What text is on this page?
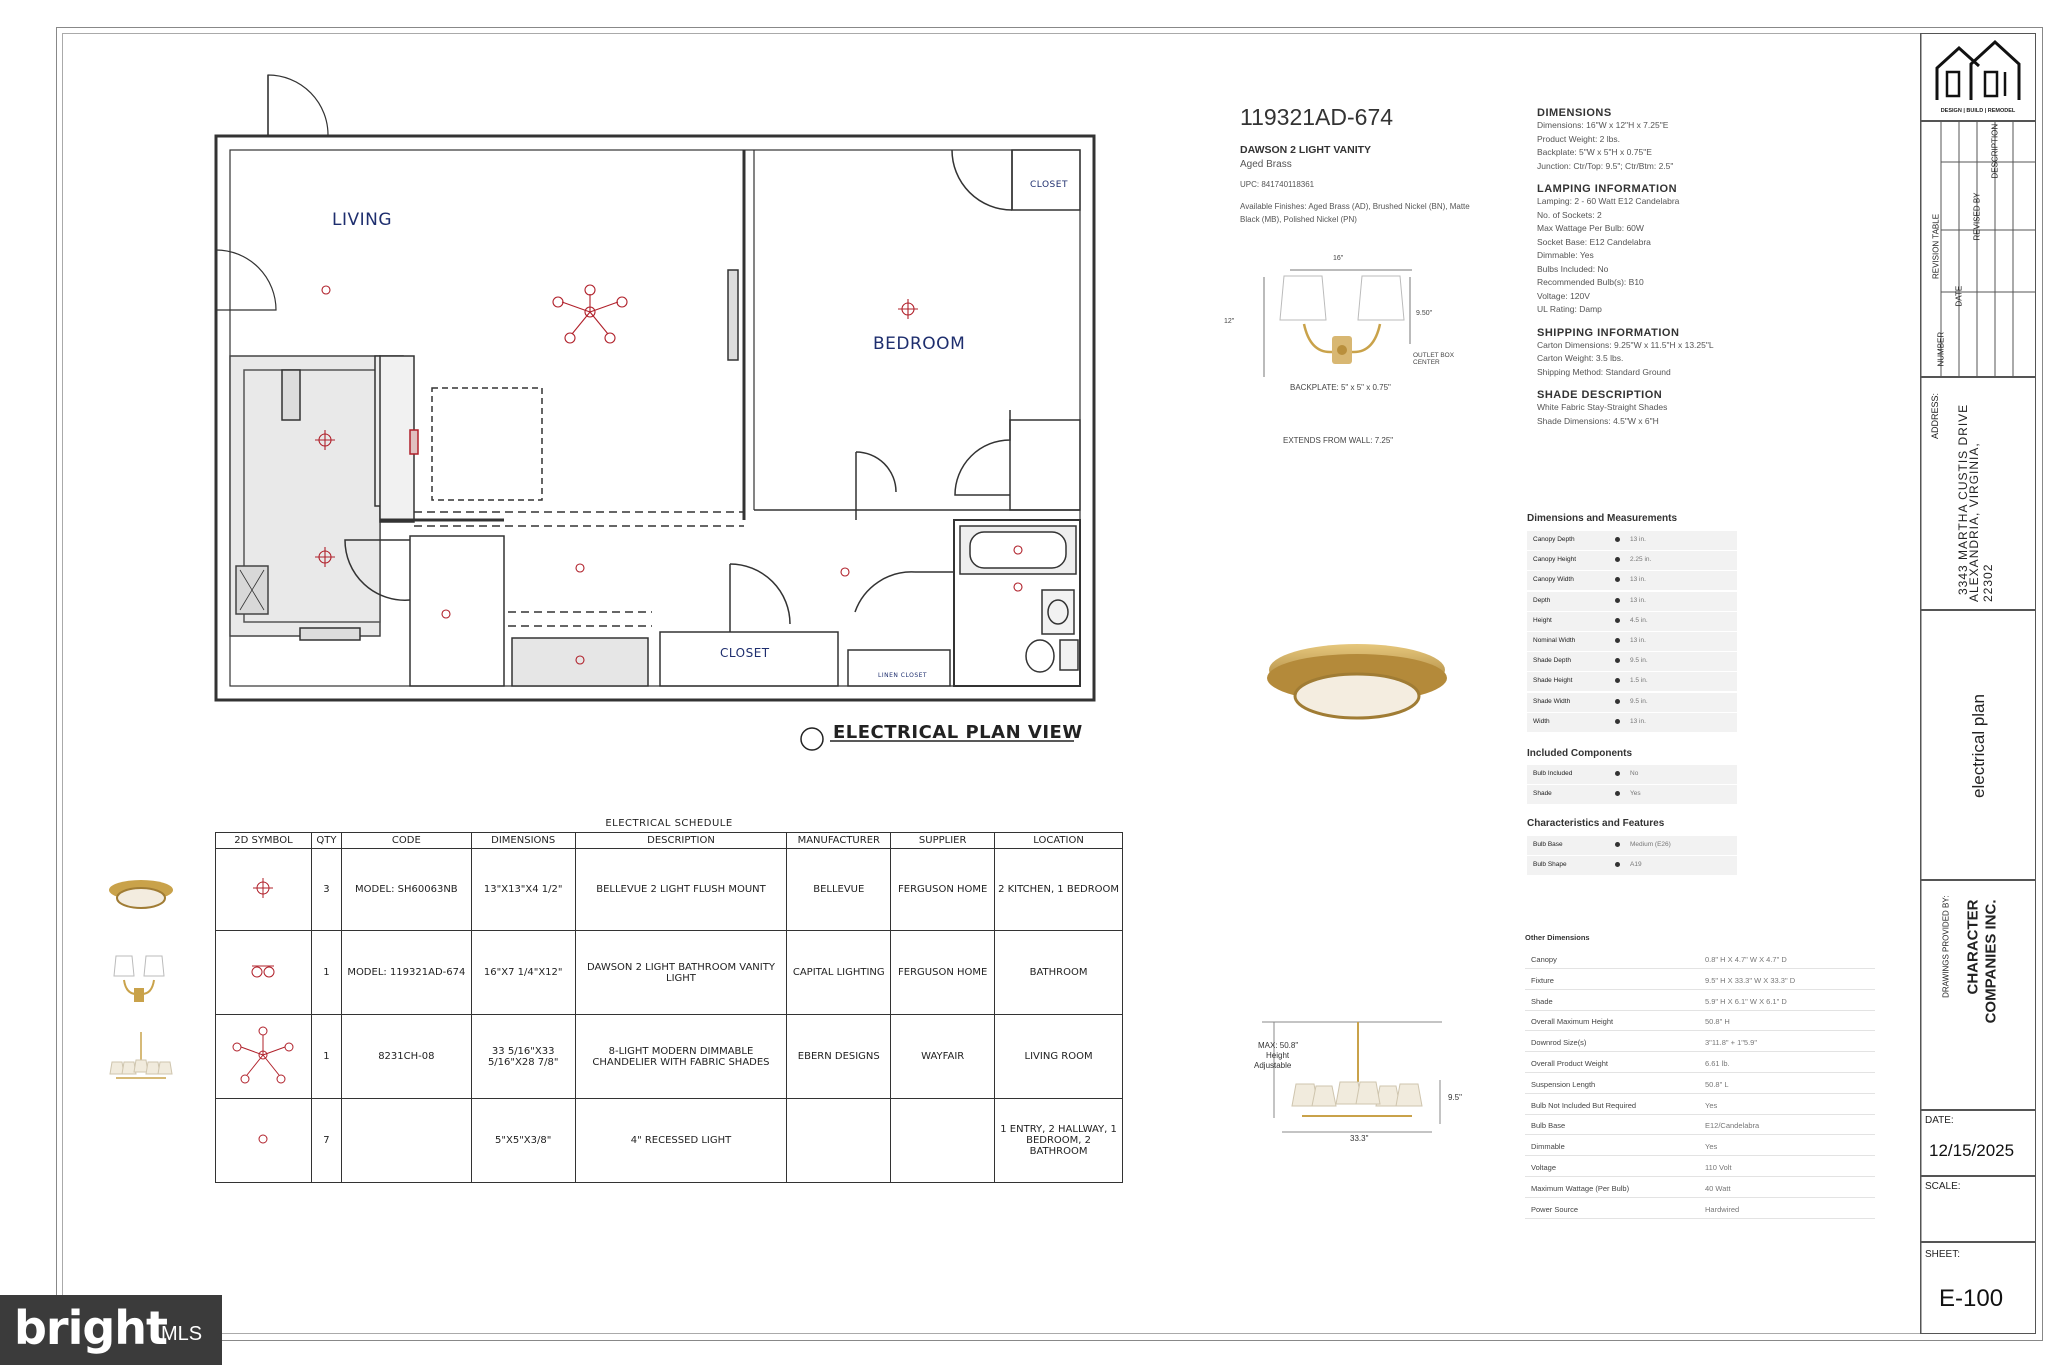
LIVING
BEDROOM
CLOSET
CLOSET
LINEN CLOSET
ELECTRICAL PLAN VIEW
119321AD-674
DAWSON 2 LIGHT VANITY
Aged Brass
UPC: 841740118361
Available Finishes: Aged Brass (AD), Brushed Nickel (BN), Matte Black (MB), Polished Nickel (PN)
16"
12"
9.50"
OUTLET BOX CENTER
BACKPLATE: 5" x 5" x 0.75"
EXTENDS FROM WALL: 7.25"
DIMENSIONS
Dimensions: 16"W x 12"H x 7.25"E
Product Weight: 2 lbs.
Backplate: 5"W x 5"H x 0.75"E
Junction: Ctr/Top: 9.5"; Ctr/Btm: 2.5"
LAMPING INFORMATION
Lamping: 2 - 60 Watt E12 Candelabra
No. of Sockets: 2
Max Wattage Per Bulb: 60W
Socket Base: E12 Candelabra
Dimmable: Yes
Bulbs Included: No
Recommended Bulb(s): B10
Voltage: 120V
UL Rating: Damp
SHIPPING INFORMATION
Carton Dimensions: 9.25"W x 11.5"H x 13.25"L
Carton Weight: 3.5 lbs.
Shipping Method: Standard Ground
SHADE DESCRIPTION
White Fabric Stay-Straight Shades
Shade Dimensions: 4.5"W x 6"H
Dimensions and Measurements
Canopy Depth	13 in.
Canopy Height	2.25 in.
Canopy Width	13 in.
Depth	13 in.
Height	4.5 in.
Nominal Width	13 in.
Shade Depth	9.5 in.
Shade Height	1.5 in.
Shade Width	9.5 in.
Width	13 in.
Included Components
Bulb Included	No
Shade	Yes
Characteristics and Features
Bulb Base	Medium (E26)
Bulb Shape	A19
MAX: 50.8"
Height
Adjustable
9.5"
33.3"
Other Dimensions
Canopy	0.8" H X 4.7" W X 4.7" D
Fixture	9.5" H X 33.3" W X 33.3" D
Shade	5.9" H X 6.1" W X 6.1" D
Overall Maximum Height	50.8" H
Downrod Size(s)	3"11.8" + 1"5.9"
Overall Product Weight	6.61 lb.
Suspension Length	50.8" L
Bulb Not Included But Required	Yes
Bulb Base	E12/Candelabra
Dimmable	Yes
Voltage	110 Volt
Maximum Wattage (Per Bulb)	40 Watt
Power Source	Hardwired
ELECTRICAL SCHEDULE
2D SYMBOL	QTY	CODE	DIMENSIONS	DESCRIPTION	MANUFACTURER	SUPPLIER	LOCATION
	3	MODEL: SH60063NB	13"X13"X4 1/2"	BELLEVUE 2 LIGHT FLUSH MOUNT	BELLEVUE	FERGUSON HOME	2 KITCHEN, 1 BEDROOM
	1	MODEL: 119321AD-674	16"X7 1/4"X12"	DAWSON 2 LIGHT BATHROOM VANITY LIGHT	CAPITAL LIGHTING	FERGUSON HOME	BATHROOM
	1	8231CH-08	33 5/16"X33 5/16"X28 7/8"	8-LIGHT MODERN DIMMABLE CHANDELIER WITH FABRIC SHADES	EBERN DESIGNS	WAYFAIR	LIVING ROOM
	7		5"X5"X3/8"	4" RECESSED LIGHT			1 ENTRY, 2 HALLWAY, 1 BEDROOM, 2 BATHROOM
DESIGN | BUILD | REMODEL
REVISION TABLE
NUMBER
DATE
REVISED BY
DESCRIPTION
ADDRESS: 3343 MARTHA CUSTIS DRIVE
ALEXANDRIA, VIRGINIA, 22302
electrical plan
DRAWINGS PROVIDED BY: CHARACTER COMPANIES INC.
DATE:
12/15/2025
SCALE:
SHEET:
E-100
bright
MLS
